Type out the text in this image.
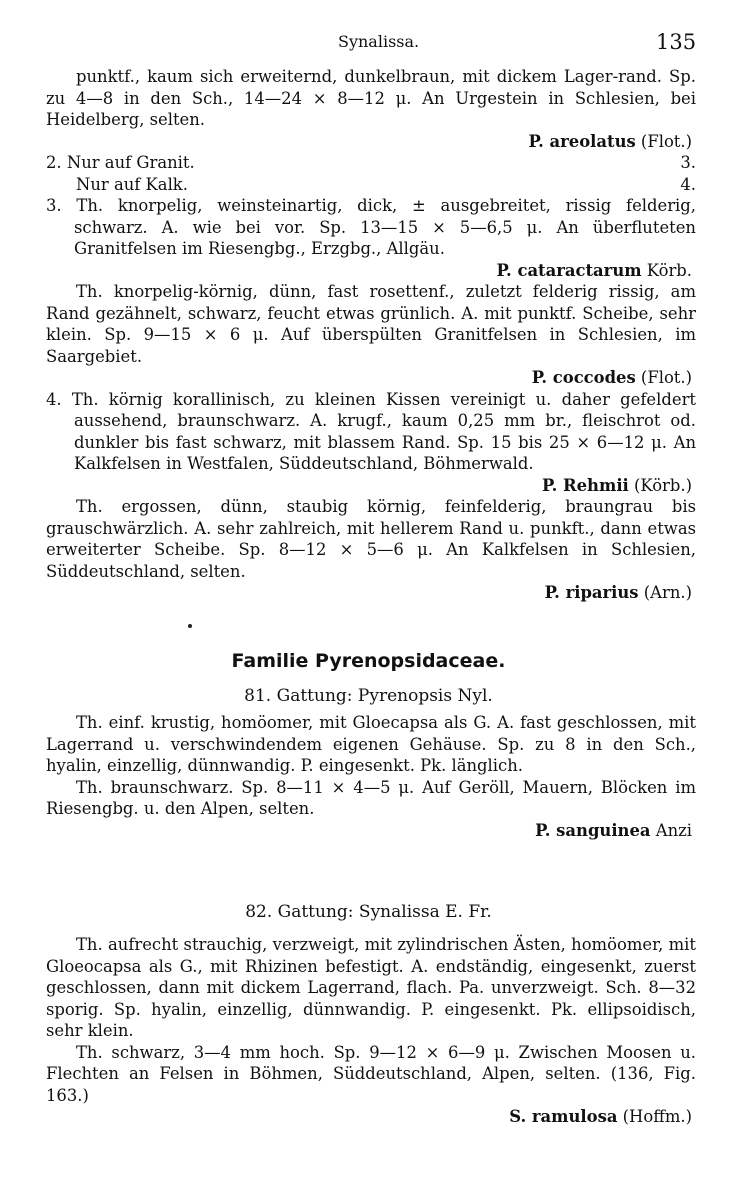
Synalissa.	135

punktf., kaum sich erweiternd, dunkelbraun, mit dickem Lager-rand. Sp. zu 4—8 in den Sch., 14—24 × 8—12 μ. An Urgestein in Schlesien, bei Heidelberg, selten.

P. areolatus (Flot.)

2. Nur auf Granit.	3.

Nur auf Kalk.	4.

3. Th. knorpelig, weinsteinartig, dick, ± ausgebreitet, rissig felderig, schwarz. A. wie bei vor. Sp. 13—15 × 5—6,5 μ. An überfluteten Granitfelsen im Riesengbg., Erzgbg., Allgäu.

P. cataractarum Körb.

Th. knorpelig-körnig, dünn, fast rosettenf., zuletzt felderig rissig, am Rand gezähnelt, schwarz, feucht etwas grünlich. A. mit punktf. Scheibe, sehr klein. Sp. 9—15 × 6 μ. Auf überspülten Granitfelsen in Schlesien, im Saargebiet.

P. coccodes (Flot.)

4. Th. körnig korallinisch, zu kleinen Kissen vereinigt u. daher gefeldert aussehend, braunschwarz. A. krugf., kaum 0,25 mm br., fleischrot od. dunkler bis fast schwarz, mit blassem Rand. Sp. 15 bis 25 × 6—12 μ. An Kalkfelsen in Westfalen, Süddeutschland, Böhmerwald.

P. Rehmii (Körb.)

Th. ergossen, dünn, staubig körnig, feinfelderig, braungrau bis grauschwärzlich. A. sehr zahlreich, mit hellerem Rand u. punkft., dann etwas erweiterter Scheibe. Sp. 8—12 × 5—6 μ. An Kalkfelsen in Schlesien, Süddeutschland, selten.

P. riparius (Arn.)

Familie Pyrenopsidaceae.
81. Gattung: Pyrenopsis Nyl.

Th. einf. krustig, homöomer, mit Gloecapsa als G. A. fast geschlossen, mit Lagerrand u. verschwindendem eigenen Gehäuse. Sp. zu 8 in den Sch., hyalin, einzellig, dünnwandig. P. eingesenkt. Pk. länglich.

Th. braunschwarz. Sp. 8—11 × 4—5 μ. Auf Geröll, Mauern, Blöcken im Riesengbg. u. den Alpen, selten.

P. sanguinea Anzi

82. Gattung: Synalissa E. Fr.

Th. aufrecht strauchig, verzweigt, mit zylindrischen Ästen, homöomer, mit Gloeocapsa als G., mit Rhizinen befestigt. A. endständig, eingesenkt, zuerst geschlossen, dann mit dickem Lagerrand, flach. Pa. unverzweigt. Sch. 8—32 sporig. Sp. hyalin, einzellig, dünnwandig. P. eingesenkt. Pk. ellipsoidisch, sehr klein.

Th. schwarz, 3—4 mm hoch. Sp. 9—12 × 6—9 μ. Zwischen Moosen u. Flechten an Felsen in Böhmen, Süddeutschland, Alpen, selten. (136, Fig. 163.)

S. ramulosa (Hoffm.)
